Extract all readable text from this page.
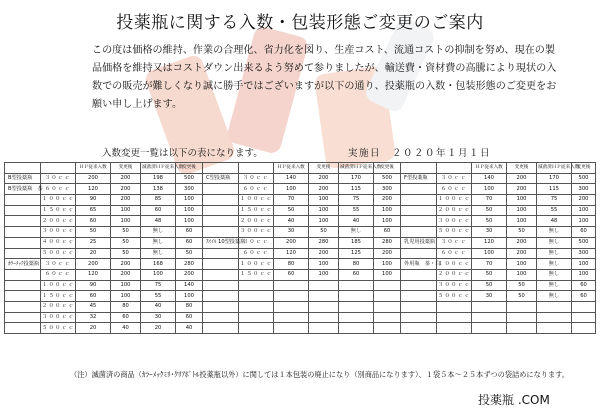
投薬瓶に関する入数・包装形態ご変更のご案内

この度は価格の維持、作業の合理化、省力化を図り、生産コスト、流通コストの抑制を努め、現在の製

品価格を維持又はコストダウン出来るよう努めて参りましたが、輸送費・資材費の高騰により現状の入

数での販売が難しくなり誠に勝手ではございますが以下の通り、投薬瓶の入数・包装形態のご変更をお

願い申し上げます。

入数変更一覧は以下の表になります。	実施日　２０２０年１月１日
		ＨＰ従来入数	変更後	滅菌済ＨＰ従来入数	変更後			ＨＰ従来入数	変更後	滅菌済ＨＰ従来入数	変更後			ＨＰ従来入数	変更後	滅菌済ＨＰ従来入数	変更後
B型投薬瓶	３０ｃｃ	200	200	198	500	C型投薬瓶	３０ｃｃ	140	200	170	500	F型投薬瓶	３０ｃｃ	140	200	170	500
B型投薬瓶　茶	６０ｃｃ	120	200	138	300		６０ｃｃ	100	200	115	300		６０ｃｃ	100	200	115	300
	１００ｃｃ	90	200	85	100		１００ｃｃ	70	100	75	200		１００ｃｃ	70	100	75	200
	１５０ｃｃ	65	100	60	100		１５０ｃｃ	50	100	55	100		２００ｃｃ	50	100	55	100
	２００ｃｃ	60	100	48	100		２００ｃｃ	40	100	40	100		３００ｃｃ	50	100	48	100
	３００ｃｃ	50	50	無し	60		３００ｃｃ	30	50	無し	60		５００ｃｃ	30	50	無し	60
	４００ｃｃ	25	50	無し	60	ｽﾏｲﾙ 10型投薬瓶	３０ｃｃ	200	280	185	280	乳児用投薬瓶	３０ｃｃ	120	200	無し	500
	５００ｃｃ	20	50	無し	50		６０ｃｃ	120	200	125	200		６０ｃｃ	100	200	無し	300
ｶﾗｰﾒｯｸ投薬瓶	３０ｃｃ	200	200	168	280		１００ｃｃ	80	100	80	100	外用瓶　茶・白	１００ｃｃ	70	100	無し	100
	６０ｃｃ	120	200	100	200		１５０ｃｃ	60	100	60	100		２００ｃｃ	50	100	無し	100
	１００ｃｃ	90	100	75	140								３００ｃｃ	50	50	無し	60
	１５０ｃｃ	60	100	55	100								５００ｃｃ	30	50	無し	60
	２００ｃｃ	45	80	40	80												
	３００ｃｃ	32	60	30	60												
	５００ｃｃ	20	40	20	40												
（注）滅菌済の商品（ｶﾗｰﾒｯｸﾐﾘ･ｸﾘｱﾎﾞﾄﾙ投薬瓶以外）に関しては１本包装の廃止になり（別商品になります）、１袋５本～２５本ずつの袋詰めになります。
投薬瓶 .COM
